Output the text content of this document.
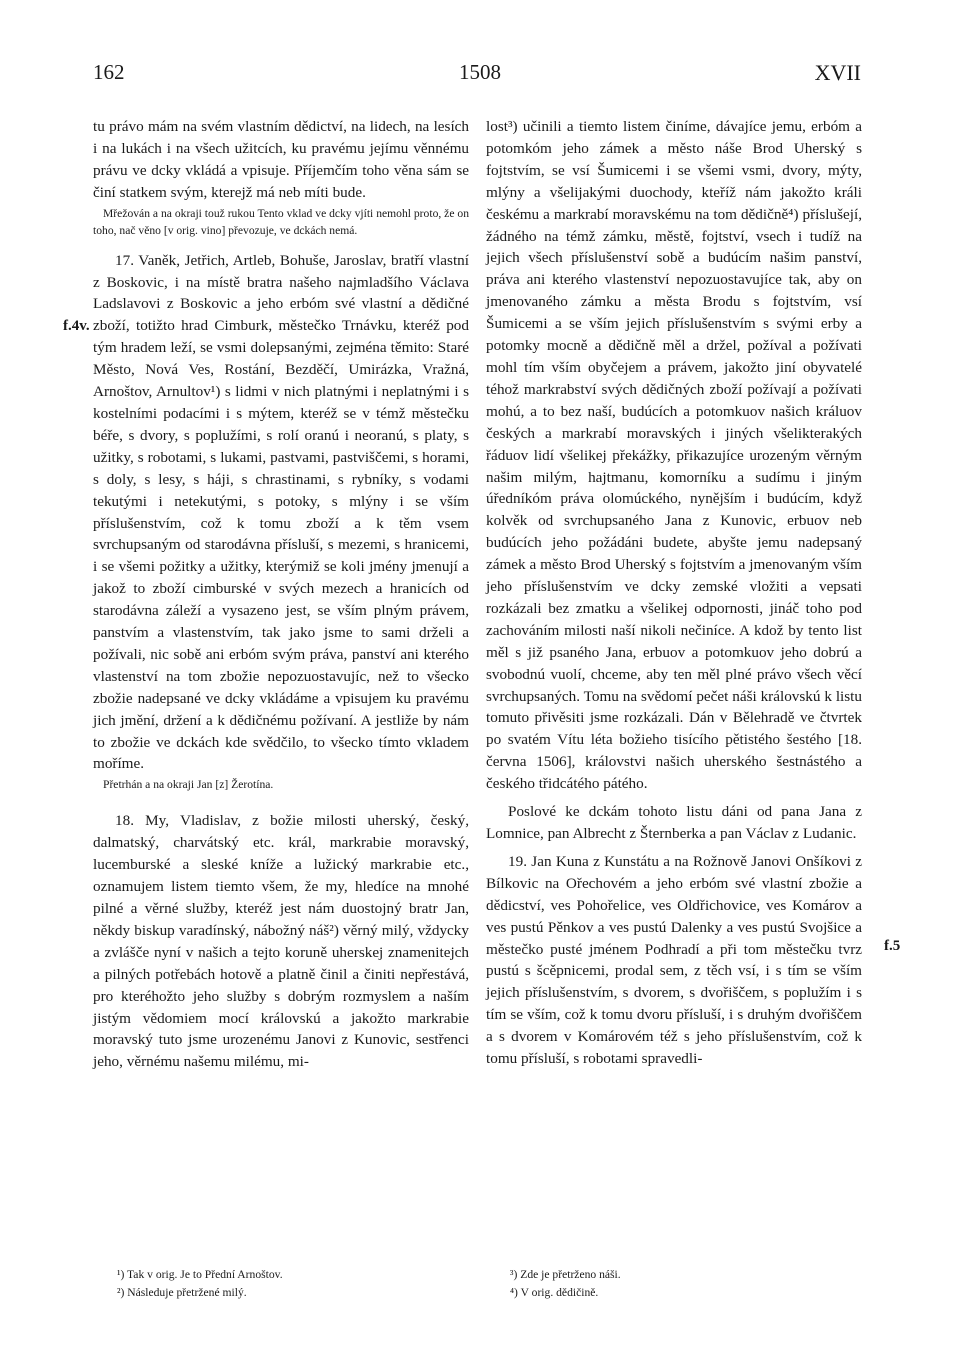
162	1508	XVII
f.4v.
f.5

tu právo mám na svém vlastním dědictví, na lidech, na lesích i na lukách i na všech užitcích, ku pravému jejímu věnnému právu ve dcky vkládá a vpisuje. Příjemčím toho věna sám se činí statkem svým, kterejž má neb míti bude.

Mřežován a na okraji touž rukou Tento vklad ve dcky vjíti nemohl proto, že on toho, nač věno [v orig. vino] převozuje, ve dckách nemá.

17. Vaněk, Jetřich, Artleb, Bohuše, Jaroslav, bratří vlastní z Boskovic, i na místě bratra našeho najmladšího Václava Ladslavovi z Boskovic a jeho erbóm své vlastní a dědičné zboží, totižto hrad Cimburk, městečko Trnávku, kteréž pod tým hradem leží, se vsmi dolepsanými, zejména těmito: Staré Město, Nová Ves, Rostání, Bezděčí, Umirázka, Vražná, Arnoštov, Arnultov¹) s lidmi v nich platnými i neplatnými i s kostelními podacími i s mýtem, kteréž se v témž městečku béře, s dvory, s poplužími, s rolí oranú i neoranú, s platy, s užitky, s robotami, s lukami, pastvami, pastviščemi, s horami, s doly, s lesy, s háji, s chrastinami, s rybníky, s vodami tekutými i netekutými, s potoky, s mlýny i se vším příslušenstvím, což k tomu zboží a k těm vsem svrchupsaným od starodávna přísluší, s mezemi, s hranicemi, i se všemi požitky a užitky, kterýmiž se koli jmény jmenují a jakož to zboží cimburské v svých mezech a hranicích od starodávna záleží a vysazeno jest, se vším plným právem, panstvím a vlastenstvím, tak jako jsme to sami drželi a požívali, nic sobě ani erbóm svým práva, panství ani kterého vlastenství na tom zbožie nepozuostavujíc, než to všecko zbožie nadepsané ve dcky vkládáme a vpisujem ku pravému jich jmění, držení a k dědičnému požívaní. A jestliže by nám to zbožie ve dckách kde svědčilo, to všecko tímto vkladem moříme.

Přetrhán a na okraji Jan [z] Žerotína.

18. My, Vladislav, z božie milosti uherský, český, dalmatský, charvátský etc. král, markrabie moravský, lucemburské a sleské kníže a lužický markrabie etc., oznamujem listem tiemto všem, že my, hledíce na mnohé pilné a věrné služby, kteréž jest nám duostojný bratr Jan, někdy biskup varadínský, nábožný náš²) věrný milý, vždycky a zvlášče nyní v našich a tejto koruně uherskej znamenitejch a pilných potřebách hotově a platně činil a činiti nepřestává, pro kteréhožto jeho služby s dobrým rozmyslem a naším jistým vědomiem mocí královskú a jakožto markrabie moravský tuto jsme urozenému Janovi z Kunovic, sestřenci jeho, věrnému našemu milému, mi-

lost³) učinili a tiemto listem činíme, dávajíce jemu, erbóm a potomkóm jeho zámek a město náše Brod Uherský s fojtstvím, se vsí Šumicemi i se všemi vsmi, dvory, mýty, mlýny a všelijakými duochody, kteříž nám jakožto králi českému a markrabí moravskému na tom dědičně⁴) příslušejí, žádného na témž zámku, městě, fojtství, vsech i tudíž na jejich všech příslušenství sobě a budúcím našim panství, práva ani kterého vlastenství nepozuostavujíce tak, aby on jmenovaného zámku a města Brodu s fojtstvím, vsí Šumicemi a se vším jejich příslušenstvím s svými erby a potomky mocně a dědičně měl a držel, požíval a požívati mohl tím vším obyčejem a právem, jakožto jiní obyvatelé téhož markrabství svých dědičných zboží požívají a požívati mohú, a to bez naší, budúcích a potomkuov našich králuov českých a markrabí moravských i jiných všelikterakých řáduov lidí všelikej překážky, přikazujíce urozeným věrným našim milým, hajtmanu, komorníku a sudímu i jiným úředníkóm práva olomúckého, nynějším i budúcím, když kolvěk od svrchupsaného Jana z Kunovic, erbuov neb budúcích jeho požádáni budete, abyšte jemu nadepsaný zámek a město Brod Uherský s fojtstvím a jmenovaným vším jeho příslušenstvím ve dcky zemské vložiti a vepsati rozkázali bez zmatku a všelikej odpornosti, jináč toho pod zachováním milosti naší nikoli nečiníce. A kdož by tento list měl s již psaného Jana, erbuov a potomkuov jeho dobrú a svobodnú vuolí, chceme, aby ten měl plné právo všech věcí svrchupsaných. Tomu na svědomí pečet náši královskú k listu tomuto přivěsiti jsme rozkázali. Dán v Bělehradě ve čtvrtek po svatém Vítu léta božieho tisícího pětistého šestého [18. června 1506], královstvi našich uherského šestnástého a českého třidcátého pátého.

Poslové ke dckám tohoto listu dáni od pana Jana z Lomnice, pan Albrecht z Šternberka a pan Václav z Ludanic.

19. Jan Kuna z Kunstátu a na Rožnově Janovi Onšíkovi z Bílkovic na Ořechovém a jeho erbóm své vlastní zbožie a dědicství, ves Pohořelice, ves Oldřichovice, ves Komárov a ves pustú Pěnkov a ves pustú Dalenky a ves pustú Svojšice a městečko pusté jménem Podhradí a při tom městečku tvrz pustú s šcěpnicemi, prodal sem, z těch vsí, i s tím se vším jejich příslušenstvím, s dvorem, s dvořiščem, s poplužím i s tím se vším, což k tomu dvoru přísluší, i s druhým dvořiščem a s dvorem v Komárovém též s jeho příslušenstvím, což k tomu přísluší, s robotami spravedli-

¹) Tak v orig. Je to Přední Arnoštov.
²) Následuje přetržené milý.
³) Zde je přetrženo náši.
⁴) V orig. dědičině.
